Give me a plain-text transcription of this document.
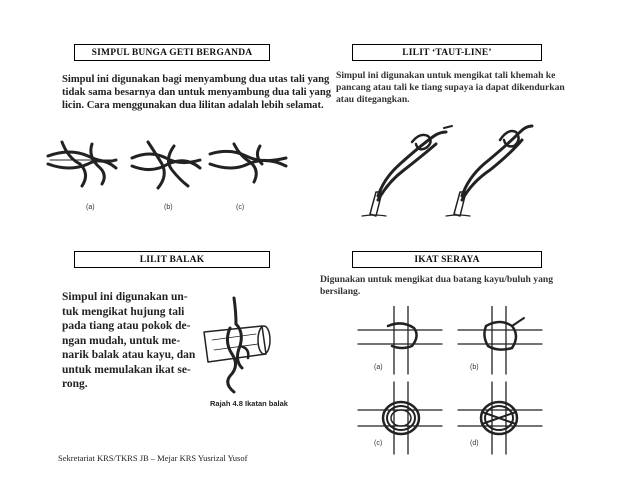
SIMPUL BUNGA GETI BERGANDA	LILIT ‘TAUT-LINE’
LILIT BALAK	IKAT SERAYA
Simpul ini digunakan bagi menyambung dua utas tali yang
tidak sama besarnya dan untuk menyambung dua tali yang
licin. Cara menggunakan dua lilitan adalah lebih selamat.
(a)	(b)	(c)
Simpul ini digunakan untuk mengikat tali khemah ke
pancang atau tali ke tiang supaya ia dapat dikendurkan
atau ditegangkan.
Simpul ini digunakan un-
tuk mengikat hujung tali
pada tiang atau pokok de-
ngan mudah, untuk me-
narik balak atau kayu, dan
untuk memulakan ikat se-
rong.
Rajah 4.8 Ikatan balak
Digunakan untuk mengikat dua batang kayu/buluh yang
bersilang.
(a)	(b)
(c)	(d)
Sekretariat KRS/TKRS JB – Mejar KRS Yusrizal Yusof
